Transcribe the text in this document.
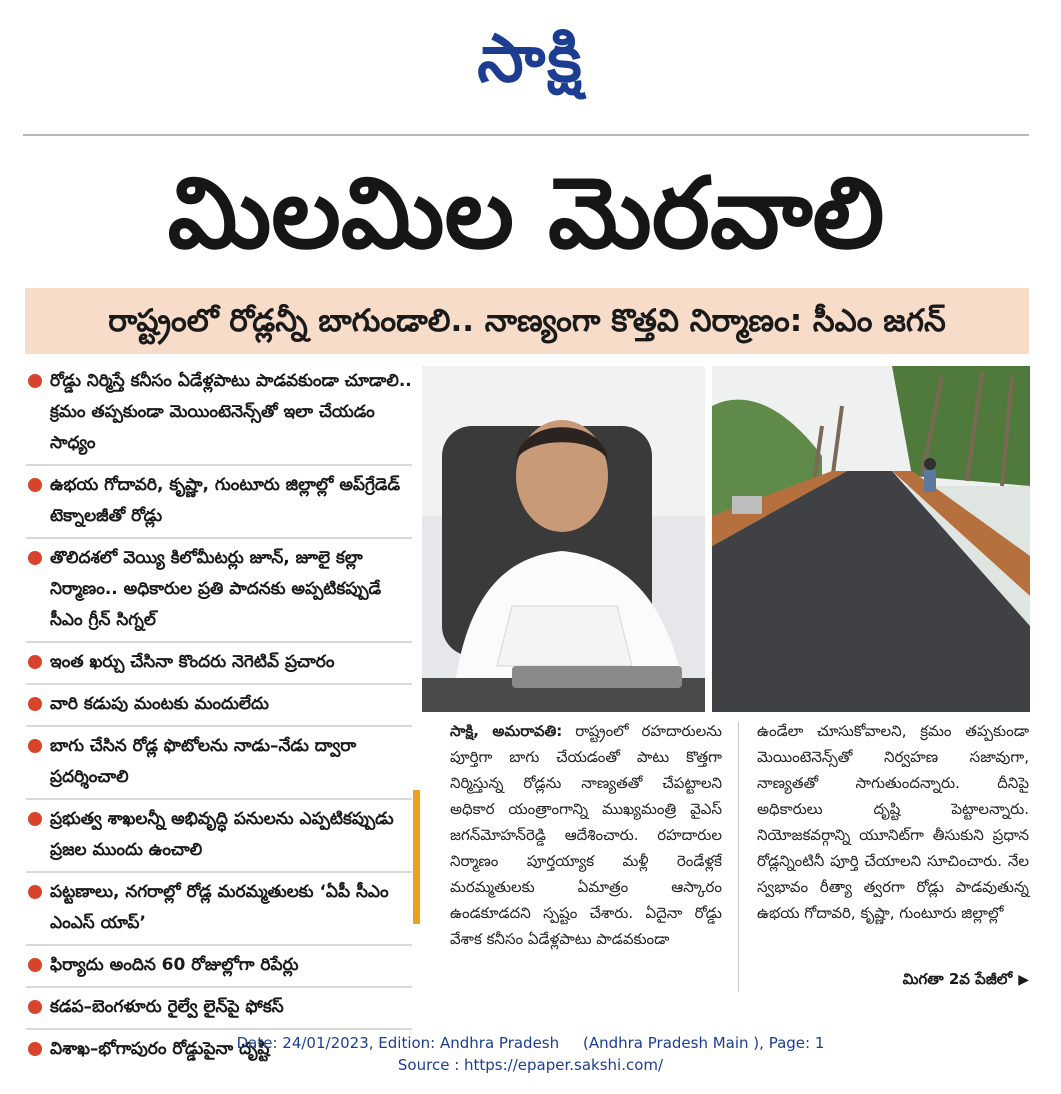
సాక్షి
మిలమిల మెరవాలి
రాష్ట్రంలో రోడ్లన్నీ బాగుండాలి.. నాణ్యంగా కొత్తవి నిర్మాణం: సీఎం జగన్
రోడ్డు నిర్మిస్తే కనీసం ఏడేళ్లపాటు పాడవకుండా చూడాలి.. క్రమం తప్పకుండా మెయింటెనెన్స్‌తో ఇలా చేయడం సాధ్యం
ఉభయ గోదావరి, కృష్ణా, గుంటూరు జిల్లాల్లో అప్‌గ్రేడెడ్ టెక్నాలజీతో రోడ్లు
తొలిదశలో వెయ్యి కిలోమీటర్లు జూన్, జూలై కల్లా నిర్మాణం.. అధికారుల ప్రతి పాదనకు అప్పటికప్పుడే సీఎం గ్రీన్ సిగ్నల్
ఇంత ఖర్చు చేసినా కొందరు నెగెటివ్ ప్రచారం
వారి కడుపు మంటకు మందులేదు
బాగు చేసిన రోడ్ల ఫొటోలను నాడు–నేడు ద్వారా ప్రదర్శించాలి
ప్రభుత్వ శాఖలన్నీ అభివృద్ధి పనులను ఎప్పటికప్పుడు ప్రజల ముందు ఉంచాలి
పట్టణాలు, నగరాల్లో రోడ్ల మరమ్మతులకు ‘ఏపీ సీఎం ఎంఎస్ యాప్’
ఫిర్యాదు అందిన 60 రోజుల్లోగా రిపేర్లు
కడప–బెంగళూరు రైల్వే లైన్‌పై ఫోకస్
విశాఖ–భోగాపురం రోడ్డుపైనా దృష్టి
సాక్షి, అమరావతి: రాష్ట్రంలో రహదారులను పూర్తిగా బాగు చేయడంతో పాటు కొత్తగా నిర్మిస్తున్న రోడ్లను నాణ్యతతో చేపట్టాలని అధికార యంత్రాంగాన్ని ముఖ్యమంత్రి వైఎస్ జగన్‌మోహన్‌రెడ్డి ఆదేశించారు. రహదారుల నిర్మాణం పూర్తయ్యాక మళ్లీ రెండేళ్లకే మరమ్మతులకు ఏమాత్రం ఆస్కారం ఉండకూడదని స్పష్టం చేశారు. ఏదైనా రోడ్డు వేశాక కనీసం ఏడేళ్లపాటు పాడవకుండా
ఉండేలా చూసుకోవాలని, క్రమం తప్పకుండా మెయింటెనెన్స్‌తో నిర్వహణ సజావుగా, నాణ్యతతో సాగుతుందన్నారు. దీనిపై అధికారులు దృష్టి పెట్టాలన్నారు. నియోజకవర్గాన్ని యూనిట్‌గా తీసుకుని ప్రధాన రోడ్లన్నింటినీ పూర్తి చేయాలని సూచించారు. నేల స్వభావం రీత్యా త్వరగా రోడ్లు పాడవుతున్న ఉభయ గోదావరి, కృష్ణా, గుంటూరు జిల్లాల్లో
మిగతా 2వ పేజీలో ▶
Date: 24/01/2023, Edition: Andhra Pradesh     (Andhra Pradesh Main ), Page: 1
Source : https://epaper.sakshi.com/
